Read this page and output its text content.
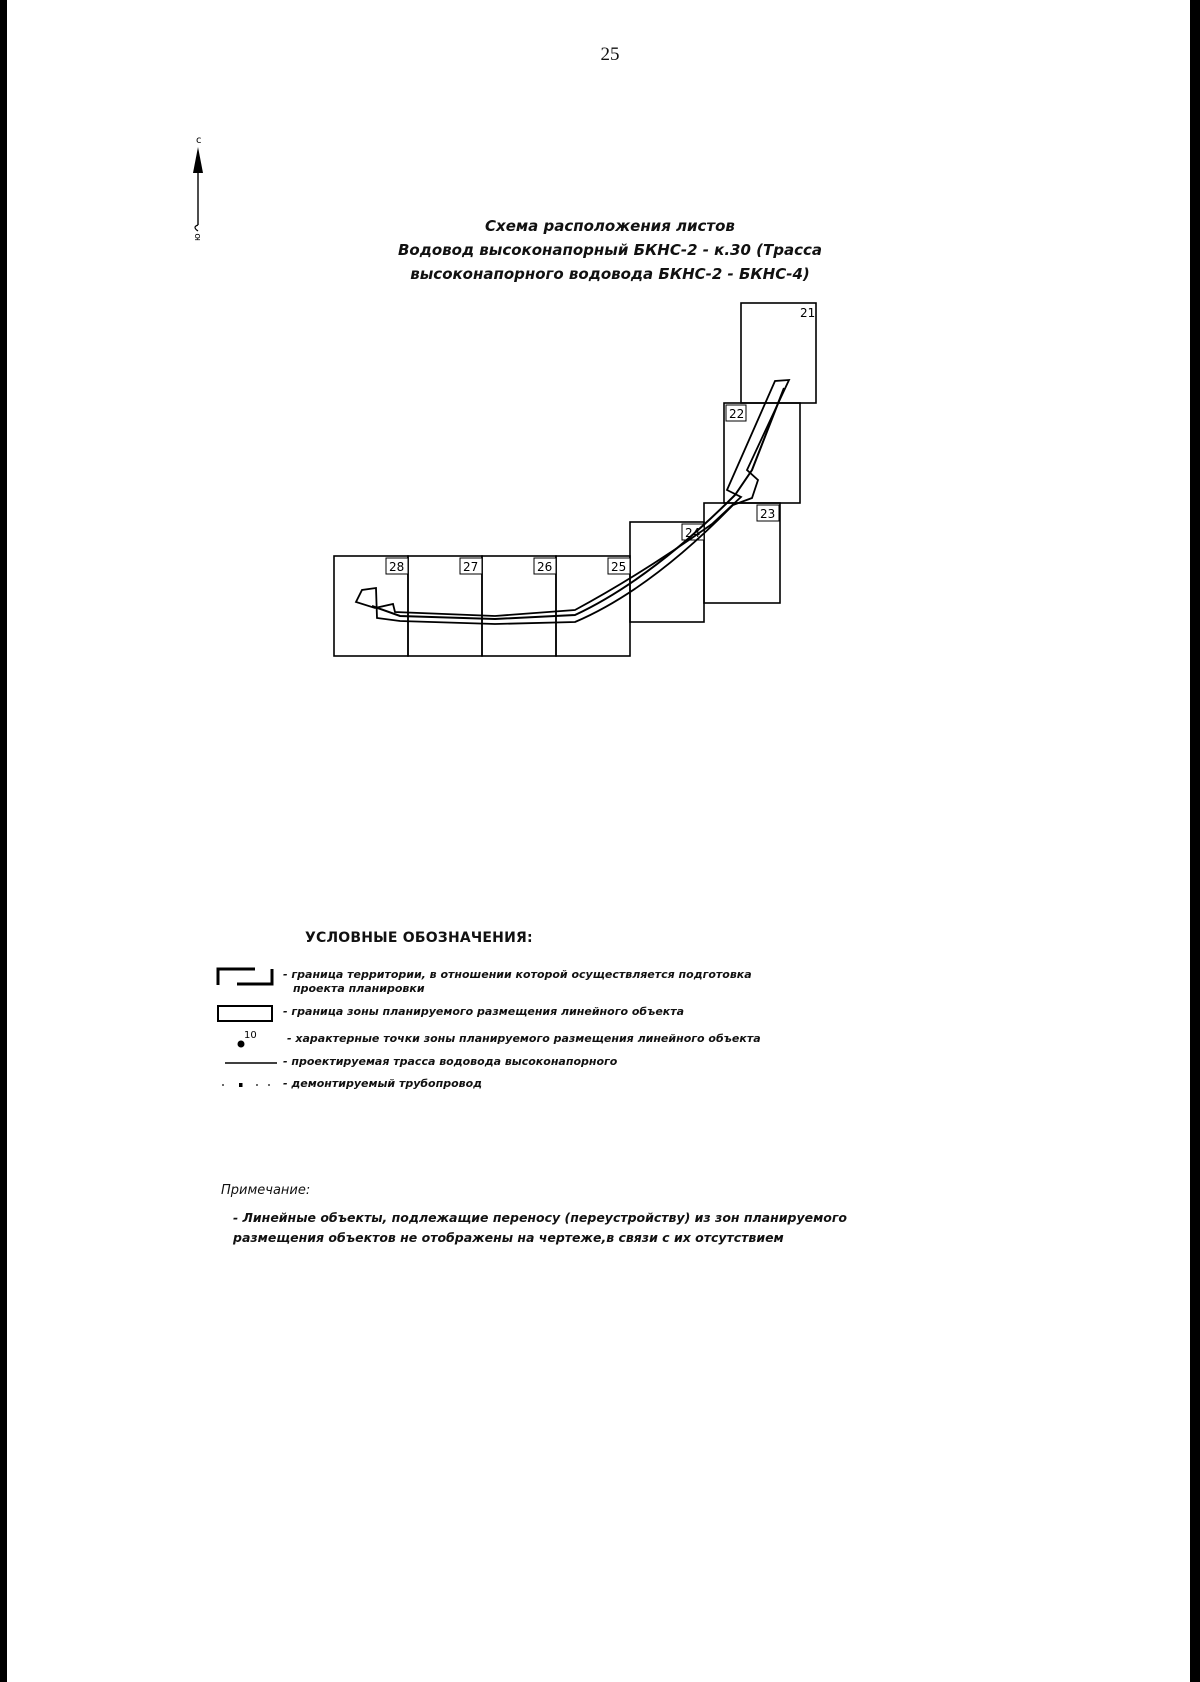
25
с
ю
Схема расположения листов
Водовод высоконапорный БКНС-2 - к.30 (Трасса
высоконапорного водовода БКНС-2 - БКНС-4)
21
22
23
24
25
26
27
28
УСЛОВНЫЕ ОБОЗНАЧЕНИЯ:
- граница территории, в отношении которой осуществляется подготовка
проекта планировки
- граница зоны планируемого размещения линейного объекта
10	- характерные точки зоны планируемого размещения линейного объекта
- проектируемая трасса водовода высоконапорного
- демонтируемый трубопровод
Примечание:
- Линейные объекты, подлежащие переносу (переустройству) из зон планируемого размещения объектов не отображены на чертеже,в связи с их отсутствием
